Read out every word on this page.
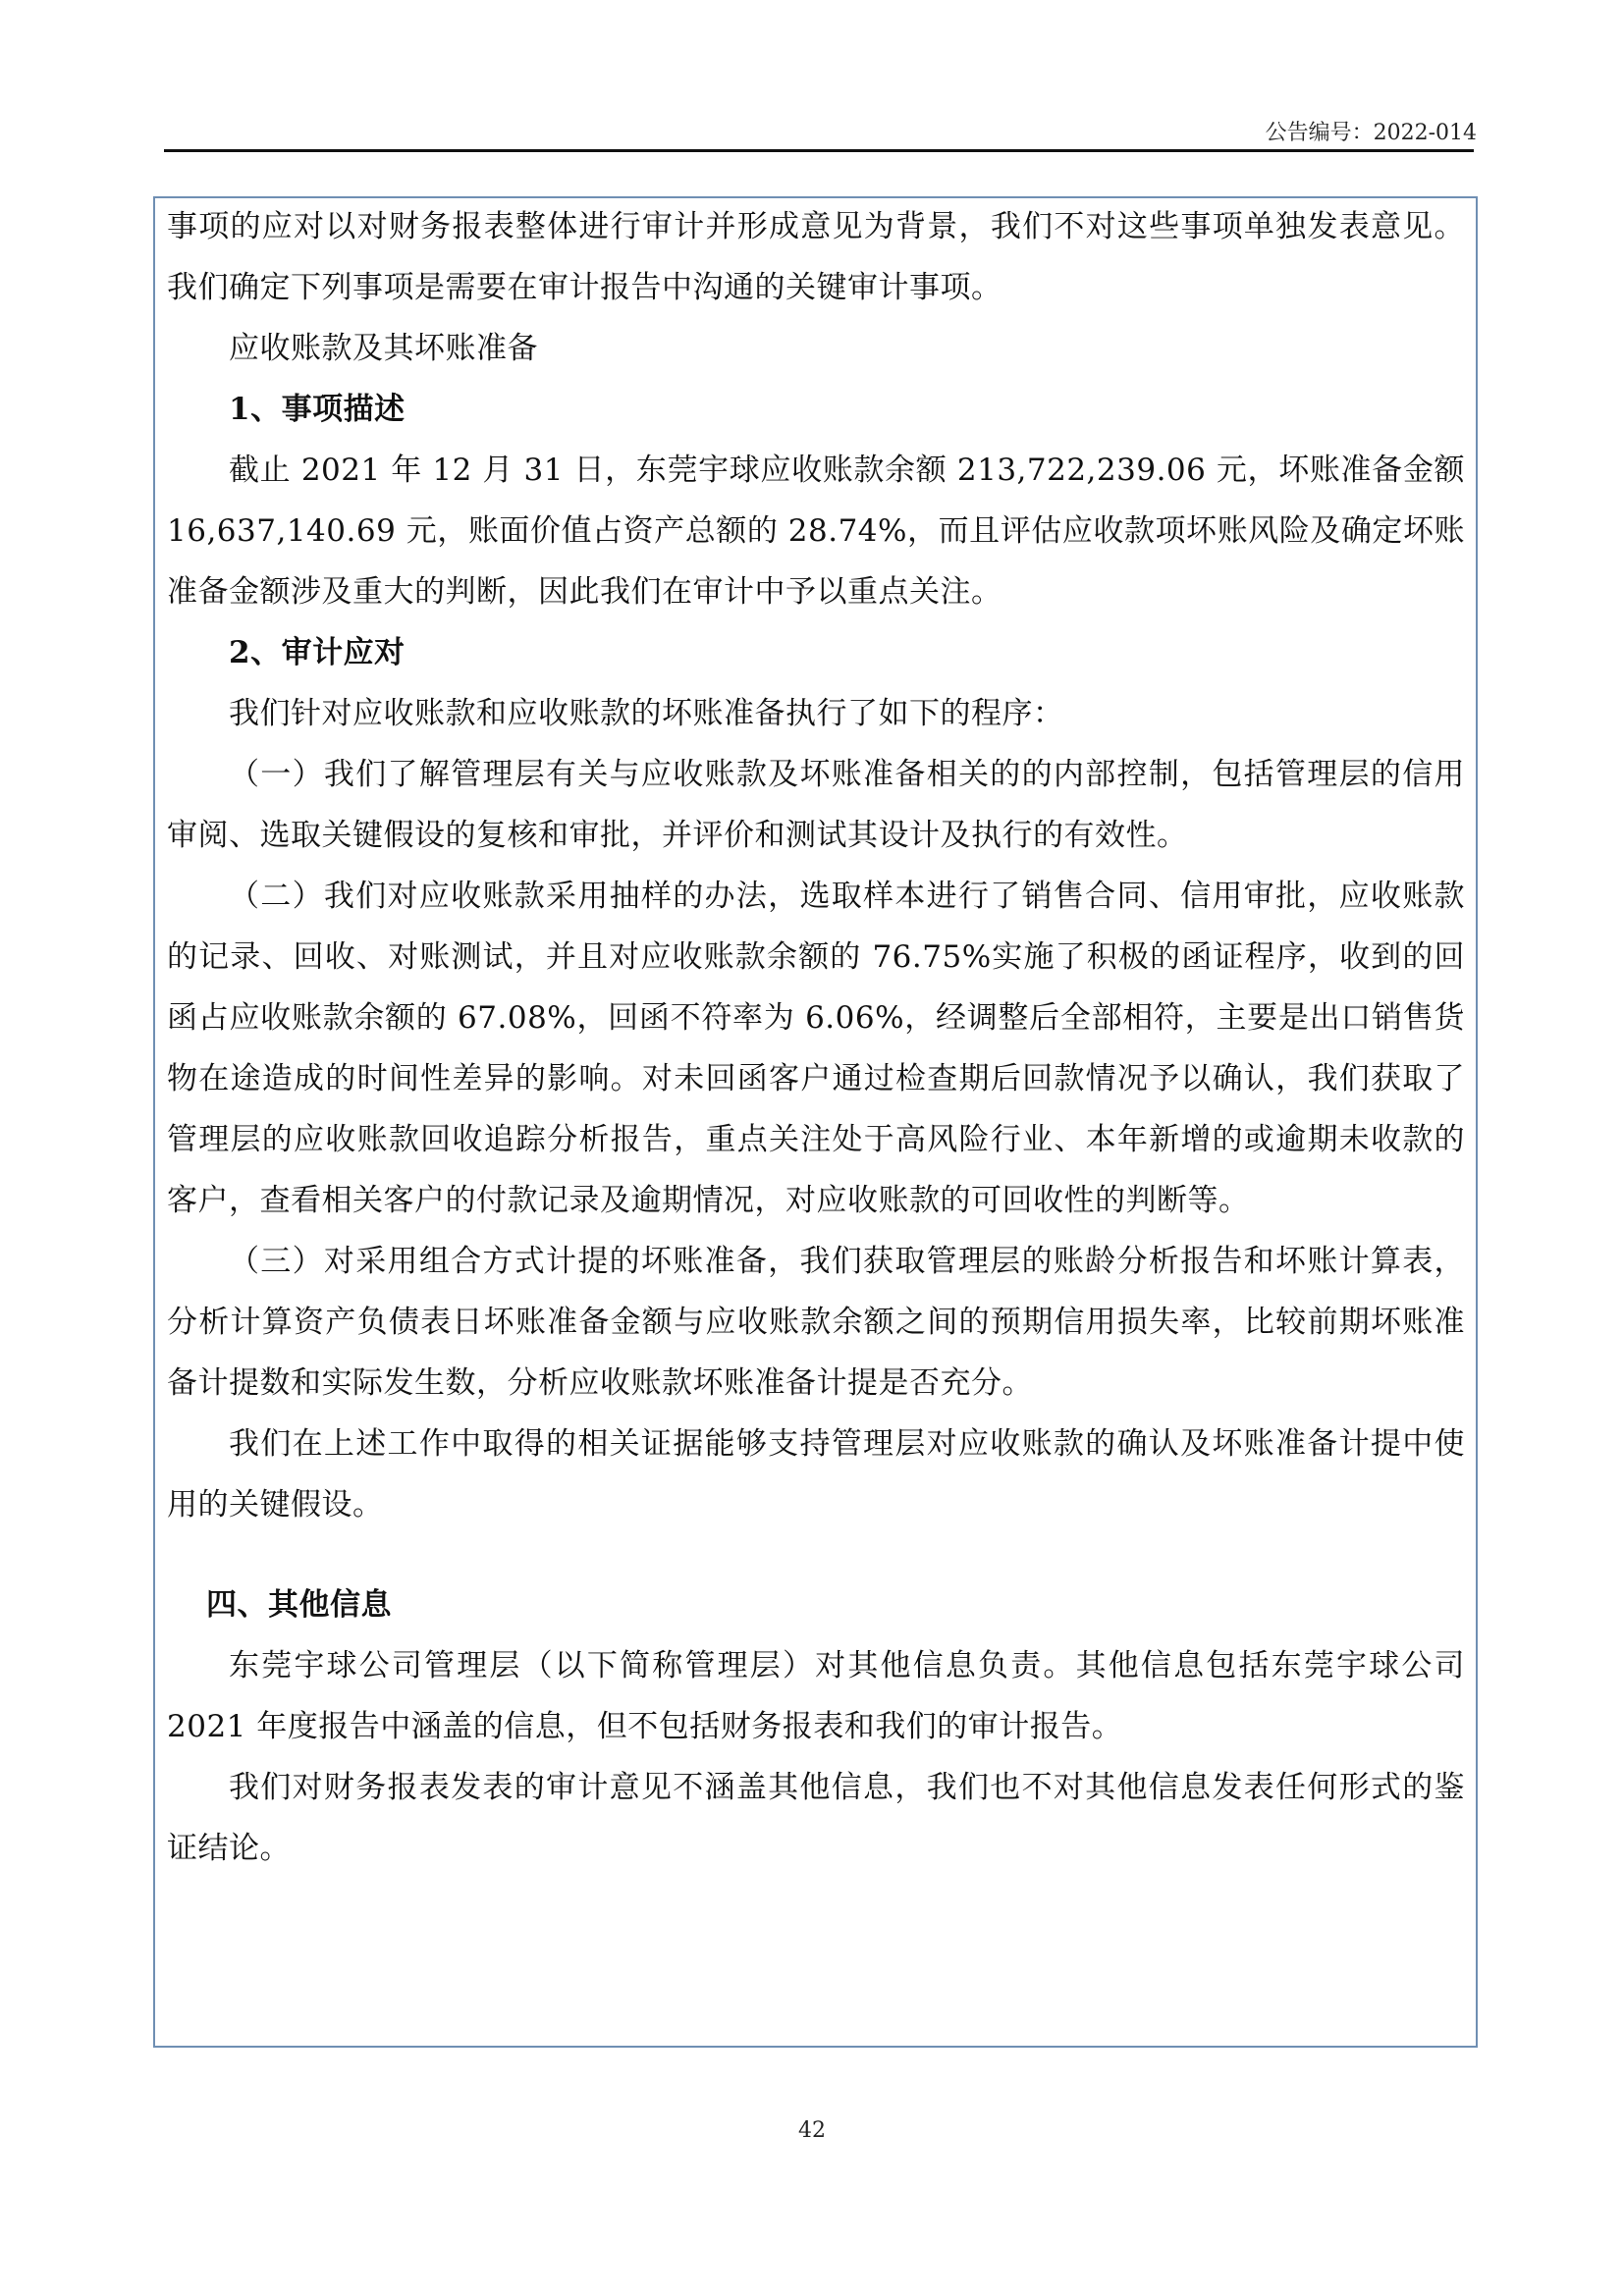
公告编号：2022-014

事项的应对以对财务报表整体进行审计并形成意见为背景，我们不对这些事项单独发表意见。我们确定下列事项是需要在审计报告中沟通的关键审计事项。

应收账款及其坏账准备

1、事项描述

截止 2021 年 12 月 31 日，东莞宇球应收账款余额 213,722,239.06 元，坏账准备金额 16,637,140.69 元，账面价值占资产总额的 28.74%，而且评估应收款项坏账风险及确定坏账准备金额涉及重大的判断，因此我们在审计中予以重点关注。

2、审计应对

我们针对应收账款和应收账款的坏账准备执行了如下的程序：

（一）我们了解管理层有关与应收账款及坏账准备相关的的内部控制，包括管理层的信用审阅、选取关键假设的复核和审批，并评价和测试其设计及执行的有效性。

（二）我们对应收账款采用抽样的办法，选取样本进行了销售合同、信用审批，应收账款的记录、回收、对账测试，并且对应收账款余额的 76.75%实施了积极的函证程序，收到的回函占应收账款余额的 67.08%，回函不符率为 6.06%，经调整后全部相符，主要是出口销售货物在途造成的时间性差异的影响。对未回函客户通过检查期后回款情况予以确认，我们获取了管理层的应收账款回收追踪分析报告，重点关注处于高风险行业、本年新增的或逾期未收款的客户，查看相关客户的付款记录及逾期情况，对应收账款的可回收性的判断等。

（三）对采用组合方式计提的坏账准备，我们获取管理层的账龄分析报告和坏账计算表，分析计算资产负债表日坏账准备金额与应收账款余额之间的预期信用损失率，比较前期坏账准备计提数和实际发生数，分析应收账款坏账准备计提是否充分。

我们在上述工作中取得的相关证据能够支持管理层对应收账款的确认及坏账准备计提中使用的关键假设。

四、其他信息

东莞宇球公司管理层（以下简称管理层）对其他信息负责。其他信息包括东莞宇球公司 2021 年度报告中涵盖的信息，但不包括财务报表和我们的审计报告。

我们对财务报表发表的审计意见不涵盖其他信息，我们也不对其他信息发表任何形式的鉴证结论。

42
